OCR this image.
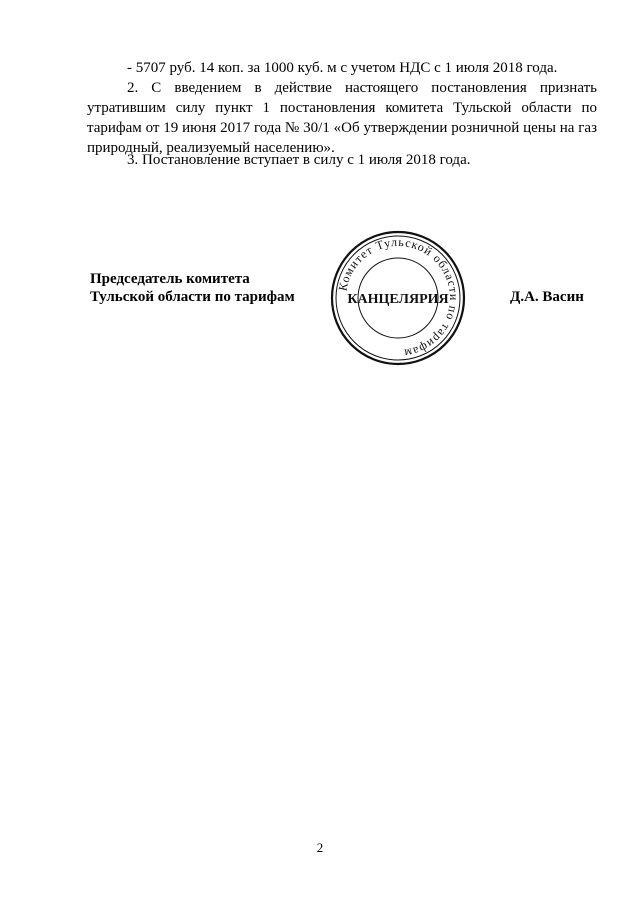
- 5707 руб. 14 коп. за 1000 куб. м с учетом НДС с 1 июля 2018 года.
2. С введением в действие настоящего постановления признать утратившим силу пункт 1 постановления комитета Тульской области по тарифам от 19 июня 2017 года № 30/1 «Об утверждении розничной цены на газ природный, реализуемый населению».
3. Постановление вступает в силу с 1 июля 2018 года.
Председатель комитета
Тульской области по тарифам	Д.А. Васин
Комитет Тульской области по тарифам
КАНЦЕЛЯРИЯ
2
